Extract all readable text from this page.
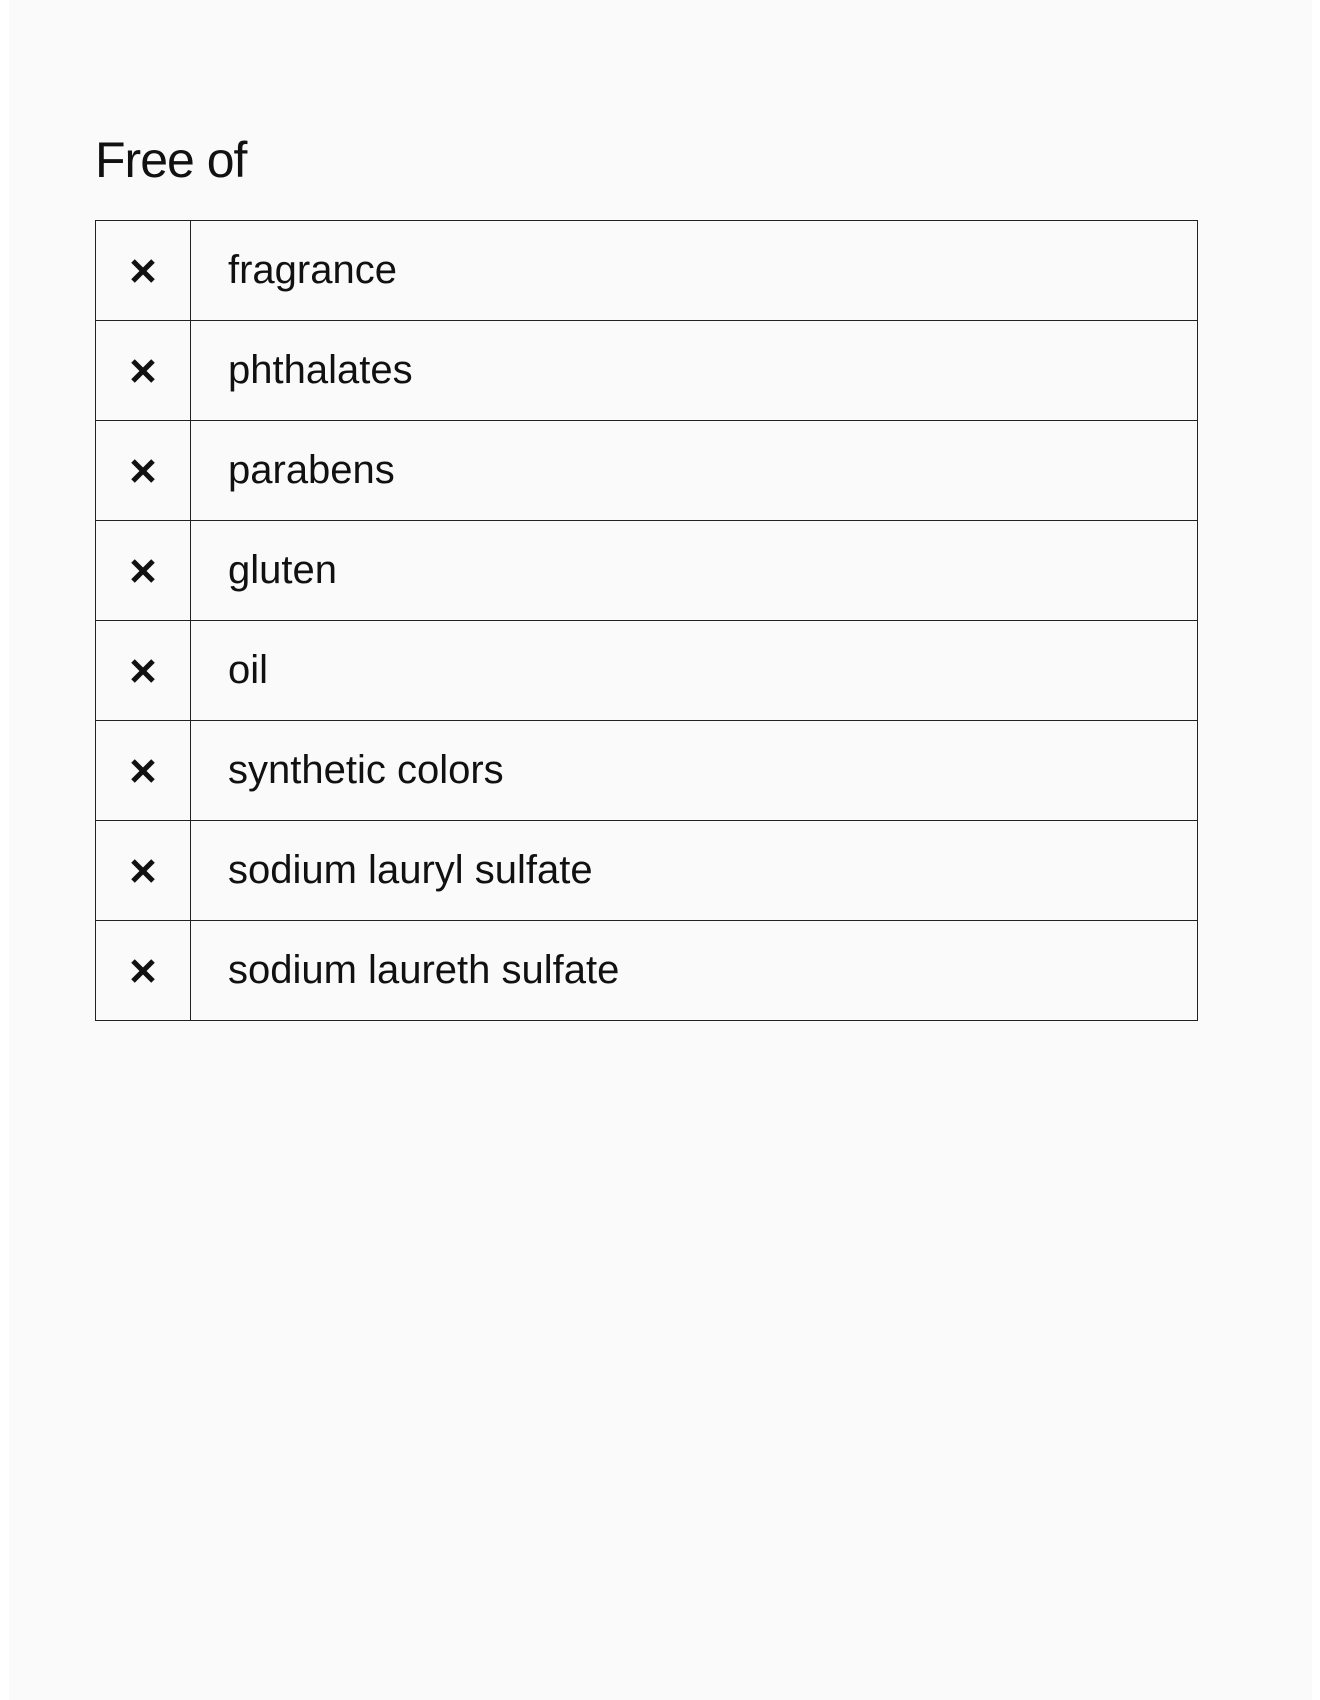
Free of
	fragrance

	phthalates

	parabens

	gluten

	oil

	synthetic colors

	sodium lauryl sulfate

	sodium laureth sulfate
